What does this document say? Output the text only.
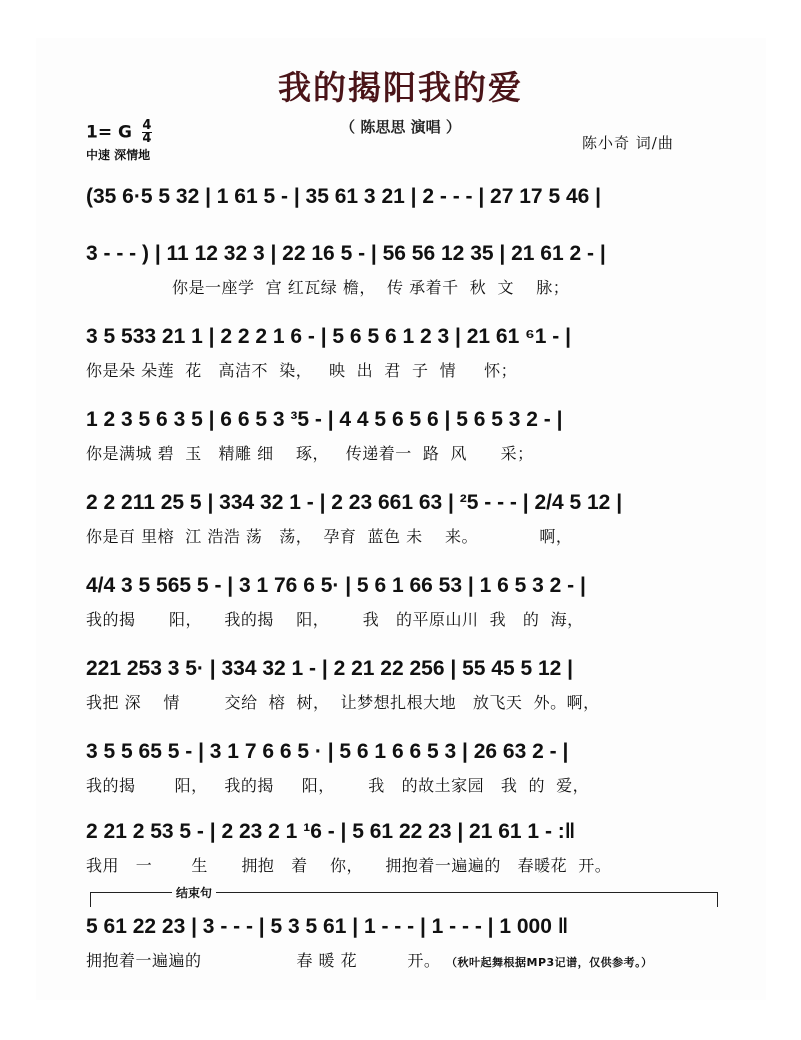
我的揭阳我的爱
（ 陈思思 演唱 ）
1= G $\frac{4}{4}$
中速 深情地
陈小奇 词/曲
(35 6·5 5 32 | 1 61 5 - | 35 61 3 21 | 2 - - - | 27 17 5 46 |
3 - - - ) | 11 12 32 3 | 22 16 5 - | 56 56 12 35 | 21 61 2 - |
你是一座学  宫 红瓦绿 檐，  传 承着千  秋  文    脉；
3 5 533 21 1 | 2 2 2 1 6 - | 5 6 5 6 1 2 3 | 21 61 ⁶1 - |
你是朵 朵莲  花   高洁不  染，   映  出  君  子  情     怀；
1 2 3 5 6 3 5 | 6 6 5 3 ³5 - | 4 4 5 6 5 6 | 5 6 5 3 2 - |
你是满城 碧  玉   精雕 细    琢，   传递着一  路  风      采；
2 2 211 25 5 | 334 32 1 - | 2 23 661 63 | ²5 - - - | 2/4 5 12 |
你是百 里榕  江 浩浩 荡   荡，  孕育  蓝色 未    来。           啊，
4/4 3 5 565 5 - | 3 1 76 6 5· | 5 6 1 66 53 | 1 6 5 3 2 - |
我的揭      阳，    我的揭    阳，      我   的平原山川  我   的  海，
221 253 3 5· | 334 32 1 - | 2 21 22 256 | 55 45 5 12 |
我把 深    情        交给  榕  树，  让梦想扎根大地   放飞天  外。啊，
3 5 5 65 5 - | 3 1 7 6 6 5 · | 5 6 1 6 6 5 3 | 26 63 2 - |
我的揭       阳，   我的揭     阳，      我   的故土家园   我  的  爱，
2 21 2 53 5 - | 2 23 2 1 ¹6 - | 5 61 22 23 | 21 61 1 - :‖
我用   一       生      拥抱   着    你，    拥抱着一遍遍的   春暖花  开。
结束句
5 61 22 23 | 3 - - - | 5 3 5 61 | 1 - - - | 1 - - - | 1 000 ‖
拥抱着一遍遍的                 春 暖 花         开。 （秋叶起舞根据MP3记谱，仅供参考。）
